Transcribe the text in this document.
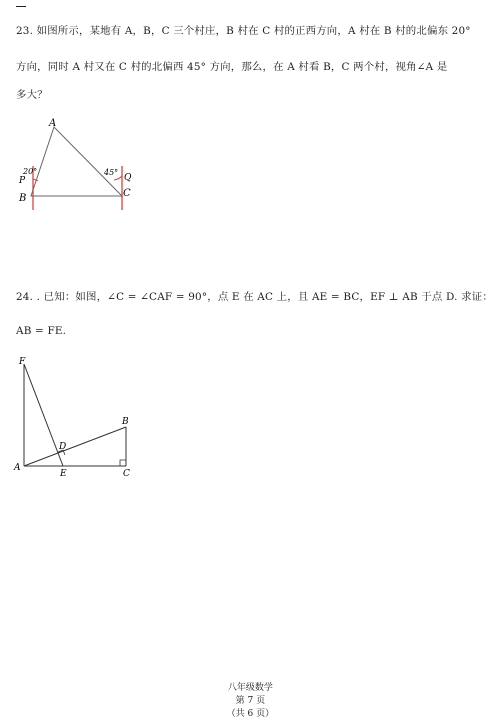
23. 如图所示，某地有 A，B，C 三个村庄，B 村在 C 村的正西方向，A 村在 B 村的北偏东 20°
方向，同时 A 村又在 C 村的北偏西 45° 方向，那么，在 A 村看 B，C 两个村，视角∠A 是
多大？
A
B	C
P	Q
20°	45°
24. . 已知：如图，∠C = ∠CAF = 90°，点 E 在 AC 上，且 AE = BC，EF ⊥ AB 于点 D. 求证：
AB = FE.
F
B
D
A
E	C

八年级数学
第 7 页
（共 6 页）
